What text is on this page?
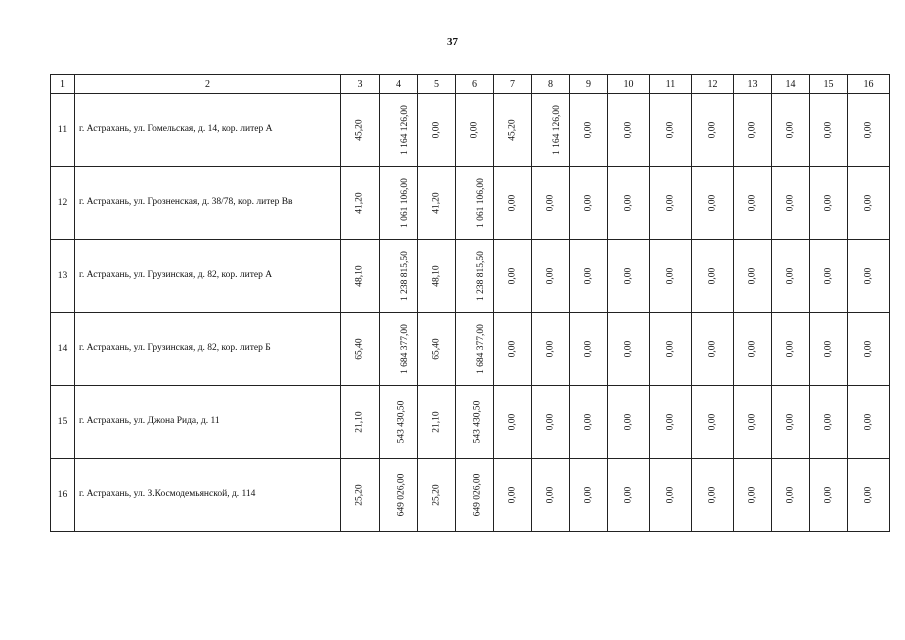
37
1	2	3	4	5	6	7	8	9	10	11	12	13	14	15	16
11	г. Астрахань, ул. Гомельская, д. 14, кор. литер А	45,20	1 164 126,00	0,00	0,00	45,20	1 164 126,00	0,00	0,00	0,00	0,00	0,00	0,00	0,00	0,00
12	г. Астрахань, ул. Грозненская, д. 38/78, кор. литер Вв	41,20	1 061 106,00	41,20	1 061 106,00	0,00	0,00	0,00	0,00	0,00	0,00	0,00	0,00	0,00	0,00
13	г. Астрахань, ул. Грузинская, д. 82, кор. литер А	48,10	1 238 815,50	48,10	1 238 815,50	0,00	0,00	0,00	0,00	0,00	0,00	0,00	0,00	0,00	0,00
14	г. Астрахань, ул. Грузинская, д. 82, кор. литер Б	65,40	1 684 377,00	65,40	1 684 377,00	0,00	0,00	0,00	0,00	0,00	0,00	0,00	0,00	0,00	0,00
15	г. Астрахань, ул. Джона Рида, д. 11	21,10	543 430,50	21,10	543 430,50	0,00	0,00	0,00	0,00	0,00	0,00	0,00	0,00	0,00	0,00
16	г. Астрахань, ул. З.Космодемьянской, д. 114	25,20	649 026,00	25,20	649 026,00	0,00	0,00	0,00	0,00	0,00	0,00	0,00	0,00	0,00	0,00
